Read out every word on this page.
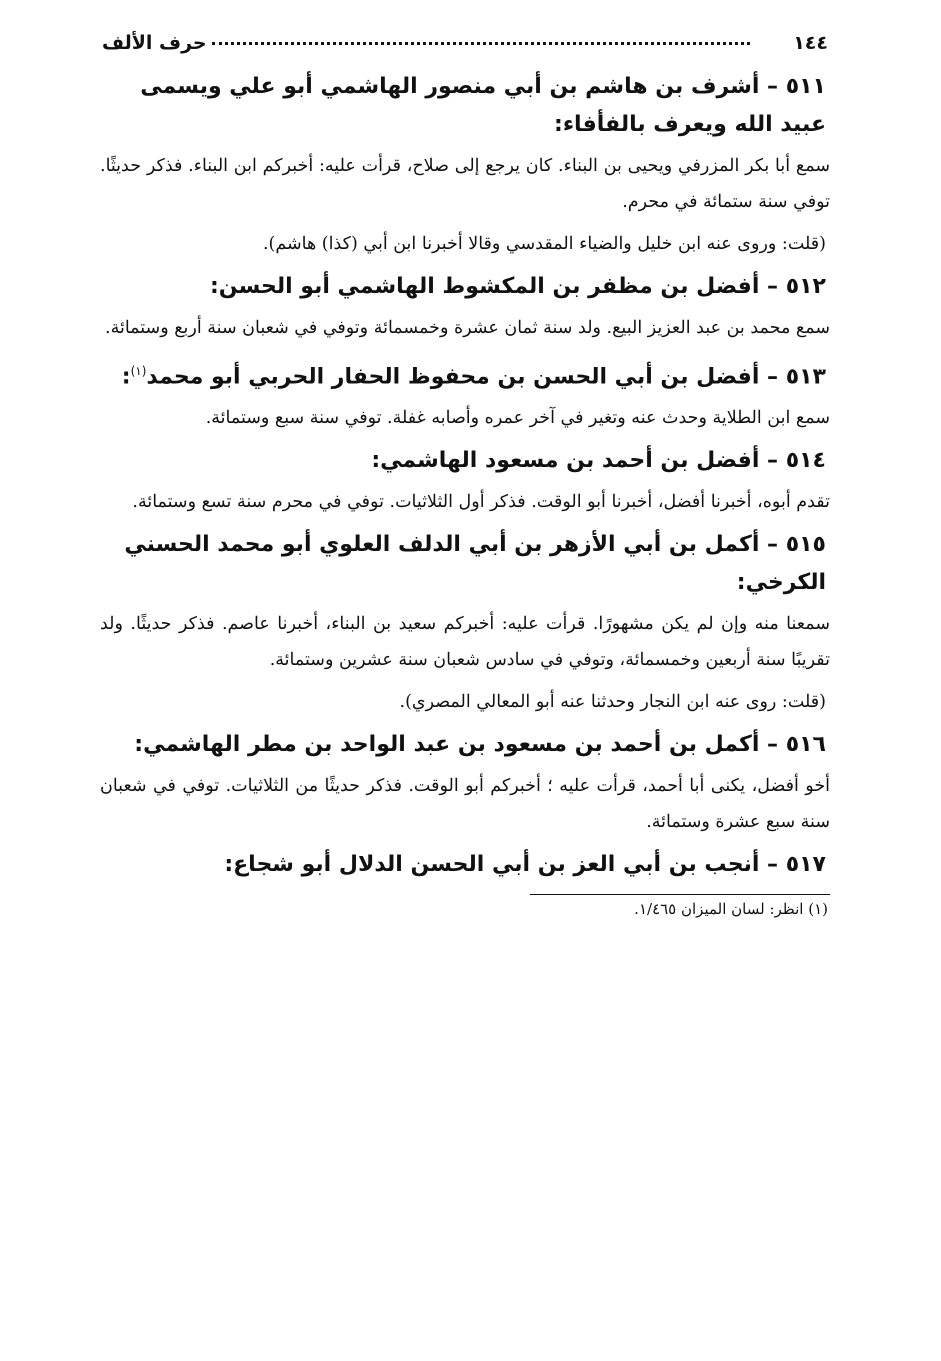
١٤٤
حرف الألف
٥١١ – أشرف بن هاشم بن أبي منصور الهاشمي أبو علي ويسمى عبيد الله ويعرف بالفأفاء:
سمع أبا بكر المزرفي ويحيى بن البناء. كان يرجع إلى صلاح، قرأت عليه: أخبركم ابن البناء. فذكر حديثًا. توفي سنة ستمائة في محرم.
(قلت: وروى عنه ابن خليل والضياء المقدسي وقالا أخبرنا ابن أبي (كذا) هاشم).
٥١٢ – أفضل بن مظفر بن المكشوط الهاشمي أبو الحسن:
سمع محمد بن عبد العزيز البيع. ولد سنة ثمان عشرة وخمسمائة وتوفي في شعبان سنة أربع وستمائة.
٥١٣ – أفضل بن أبي الحسن بن محفوظ الحفار الحربي أبو محمد$^{(١)}$:
سمع ابن الطلاية وحدث عنه وتغير في آخر عمره وأصابه غفلة. توفي سنة سبع وستمائة.
٥١٤ – أفضل بن أحمد بن مسعود الهاشمي:
تقدم أبوه، أخبرنا أفضل، أخبرنا أبو الوقت. فذكر أول الثلاثيات. توفي في محرم سنة تسع وستمائة.
٥١٥ – أكمل بن أبي الأزهر بن أبي الدلف العلوي أبو محمد الحسني الكرخي:
سمعنا منه وإن لم يكن مشهورًا. قرأت عليه: أخبركم سعيد بن البناء، أخبرنا عاصم. فذكر حديثًا. ولد تقريبًا سنة أربعين وخمسمائة، وتوفي في سادس شعبان سنة عشرين وستمائة.
(قلت: روى عنه ابن النجار وحدثنا عنه أبو المعالي المصري).
٥١٦ – أكمل بن أحمد بن مسعود بن عبد الواحد بن مطر الهاشمي:
أخو أفضل، يكنى أبا أحمد، قرأت عليه ؛ أخبركم أبو الوقت. فذكر حديثًا من الثلاثيات. توفي في شعبان سنة سبع عشرة وستمائة.
٥١٧ – أنجب بن أبي العز بن أبي الحسن الدلال أبو شجاع:
(١) انظر: لسان الميزان ١/٤٦٥.
